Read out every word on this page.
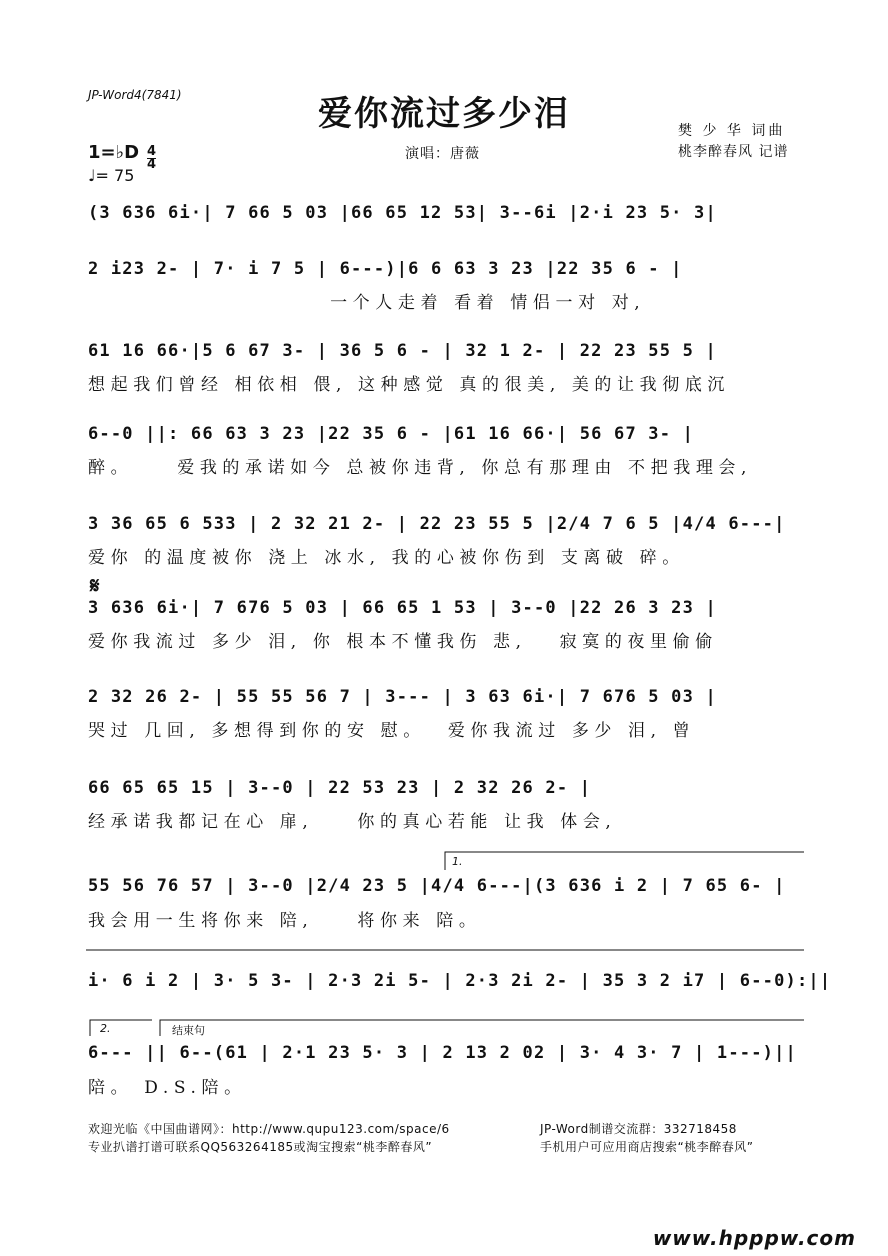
JP-Word4(7841)	爱你流过多少泪	樊 少 华 词曲
桃李醉春风 记谱
演唱：唐薇
1=♭D 4
4
♩= 75
(3 636 6i·| 7 66 5 03 |66 65 12 53| 3--6i |2·i 23 5· 3|
2 i23 2- | 7· i 7 5 | 6---)|6 6 63 3 23 |22 35 6 - |
一个人走着 看着 情侣一对 对,
61 16 66·|5 6 67 3- | 36 5 6 - | 32 1 2- | 22 23 55 5 |
想起我们曾经 相依相 偎, 这种感觉 真的很美, 美的让我彻底沉
6--0 ||: 66 63 3 23 |22 35 6 - |61 16 66·| 56 67 3- |
醉。    爱我的承诺如今 总被你违背, 你总有那理由 不把我理会,
3 36 65 6 533 | 2 32 21 2- | 22 23 55 5 |2/4 7 6 5 |4/4 6---|
爱你 的温度被你 浇上 冰水, 我的心被你伤到 支离破 碎。
𝄋
3 636 6i·| 7 676 5 03 | 66 65 1 53 | 3--0 |22 26 3 23 |
爱你我流过 多少 泪, 你 根本不懂我伤 悲,   寂寞的夜里偷偷
2 32 26 2- | 55 55 56 7 | 3--- | 3 63 6i·| 7 676 5 03 |
哭过 几回, 多想得到你的安 慰。  爱你我流过 多少 泪, 曾
66 65 65 15 | 3--0 | 22 53 23 | 2 32 26 2- |
经承诺我都记在心 扉,    你的真心若能 让我 体会,
1.
55 56 76 57 | 3--0 |2/4 23 5 |4/4 6---|(3 636 i 2 | 7 65 6- |
我会用一生将你来 陪,    将你来 陪。
i· 6 i 2 | 3· 5 3- | 2·3 2i 5- | 2·3 2i 2- | 35 3 2 i7 | 6--0):||
2.	结束句
6--- || 6--(61 | 2·1 23 5· 3 | 2 13 2 02 | 3· 4 3· 7 | 1---)||
陪。 D.S.陪。
欢迎光临《中国曲谱网》：http://www.qupu123.com/space/6
专业扒谱打谱可联系QQ563264185或淘宝搜索“桃李醉春风”
JP-Word制谱交流群：332718458
手机用户可应用商店搜索“桃李醉春风”
www.hpppw.com
